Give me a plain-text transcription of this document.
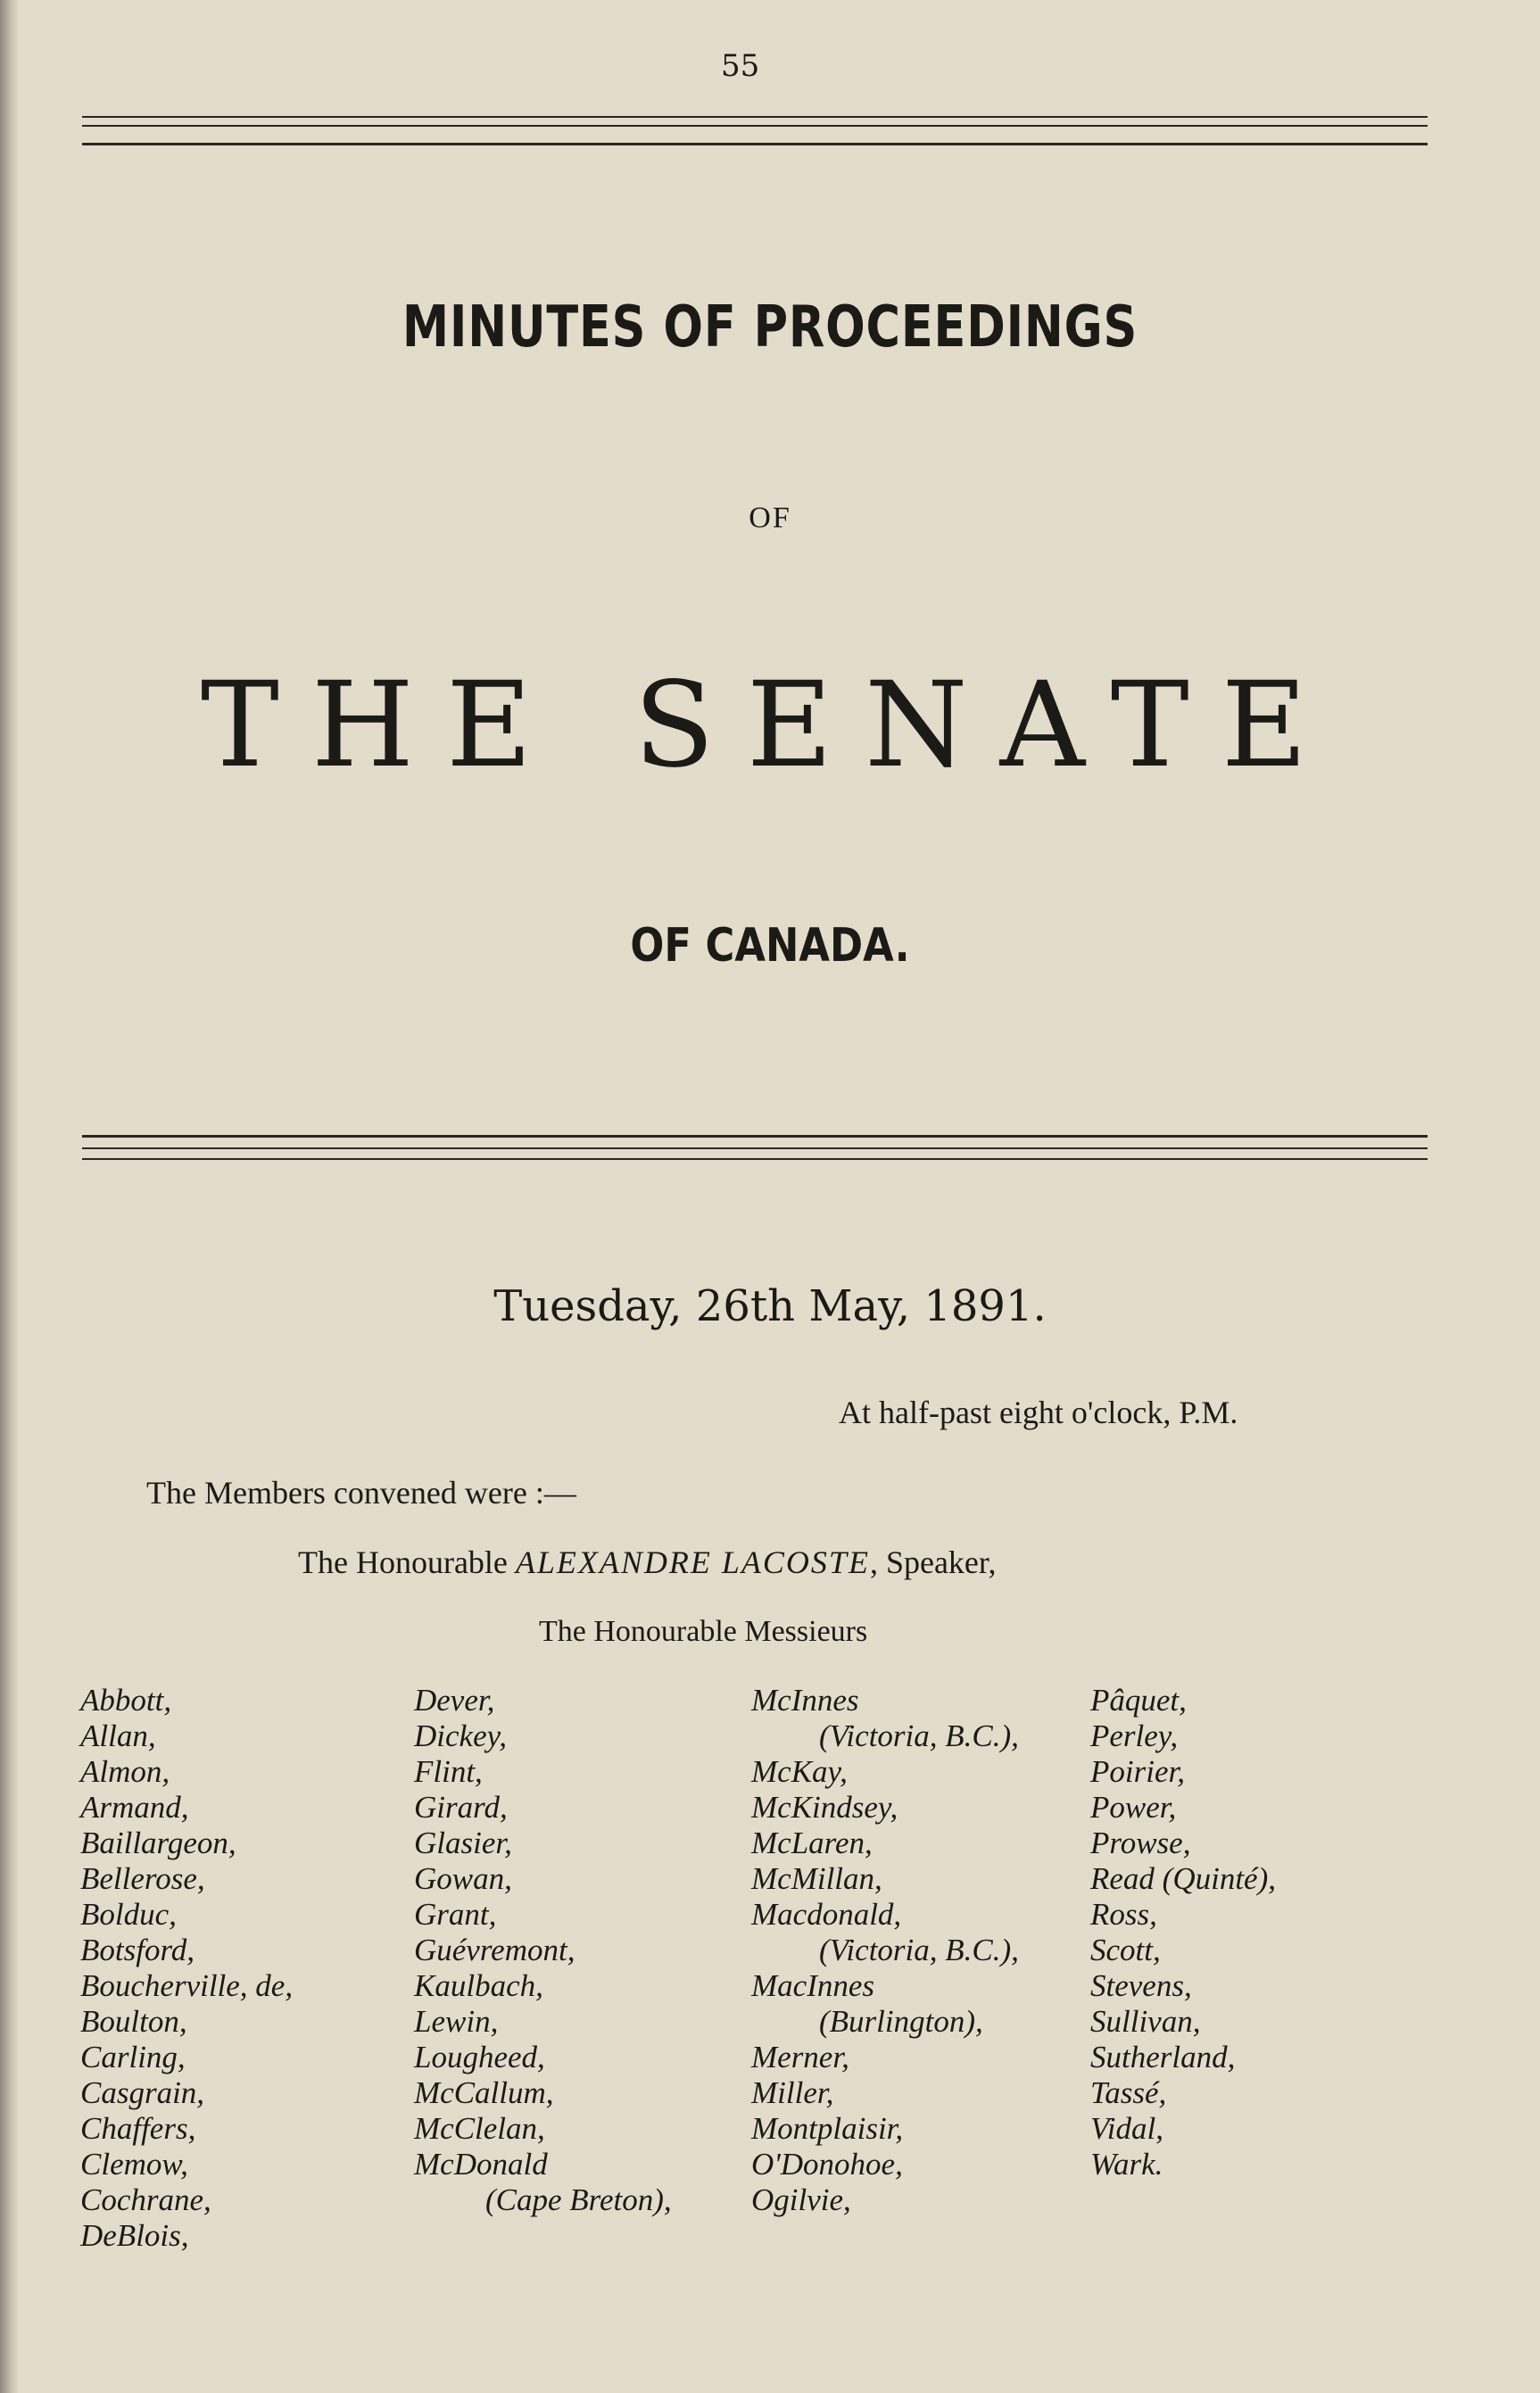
55
MINUTES OF PROCEEDINGS
OF
THE SENATE
OF CANADA.
Tuesday, 26th May, 1891.
At half-past eight o'clock, P.M.
The Members convened were :—
The Honourable ALEXANDRE LACOSTE, Speaker,
The Honourable Messieurs
Abbott,
Allan,
Almon,
Armand,
Baillargeon,
Bellerose,
Bolduc,
Botsford,
Boucherville, de,
Boulton,
Carling,
Casgrain,
Chaffers,
Clemow,
Cochrane,
DeBlois,
Dever,
Dickey,
Flint,
Girard,
Glasier,
Gowan,
Grant,
Guévremont,
Kaulbach,
Lewin,
Lougheed,
McCallum,
McClelan,
McDonald
(Cape Breton),
McInnes
(Victoria, B.C.),
McKay,
McKindsey,
McLaren,
McMillan,
Macdonald,
(Victoria, B.C.),
MacInnes
(Burlington),
Merner,
Miller,
Montplaisir,
O'Donohoe,
Ogilvie,
Pâquet,
Perley,
Poirier,
Power,
Prowse,
Read (Quinté),
Ross,
Scott,
Stevens,
Sullivan,
Sutherland,
Tassé,
Vidal,
Wark.
